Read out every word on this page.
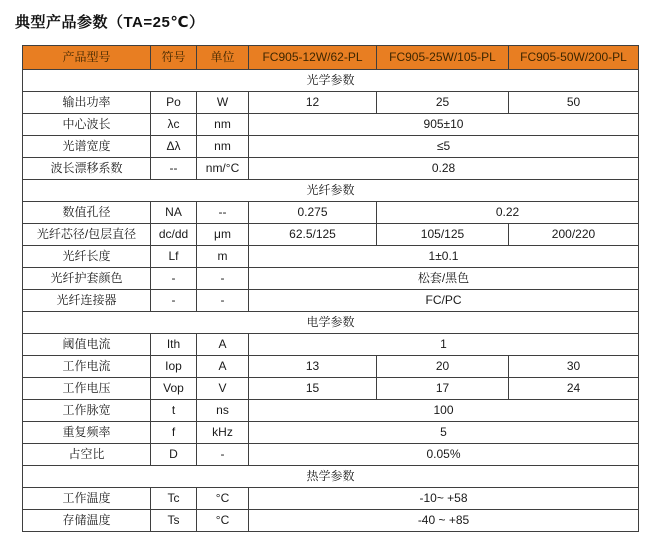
典型产品参数（TA=25℃）
产品型号	符号	单位	FC905-12W/62-PL	FC905-25W/105-PL	FC905-50W/200-PL
光学参数					
输出功率	Po	W	12	25	50
中心波长	λc	nm	905±10		
光谱宽度	Δλ	nm	≤5		
波长漂移系数	--	nm/°C	0.28		
光纤参数					
数值孔径	NA	--	0.275	0.22	
光纤芯径/包层直径	dc/dd	μm	62.5/125	105/125	200/220
光纤长度	Lf	m	1±0.1		
光纤护套颜色	-	-	松套/黑色		
光纤连接器	-	-	FC/PC		
电学参数					
阈值电流	Ith	A	1		
工作电流	Iop	A	13	20	30
工作电压	Vop	V	15	17	24
工作脉宽	t	ns	100		
重复频率	f	kHz	5		
占空比	D	-	0.05%		
热学参数					
工作温度	Tc	°C	-10~ +58		
存储温度	Ts	°C	-40 ~ +85		
